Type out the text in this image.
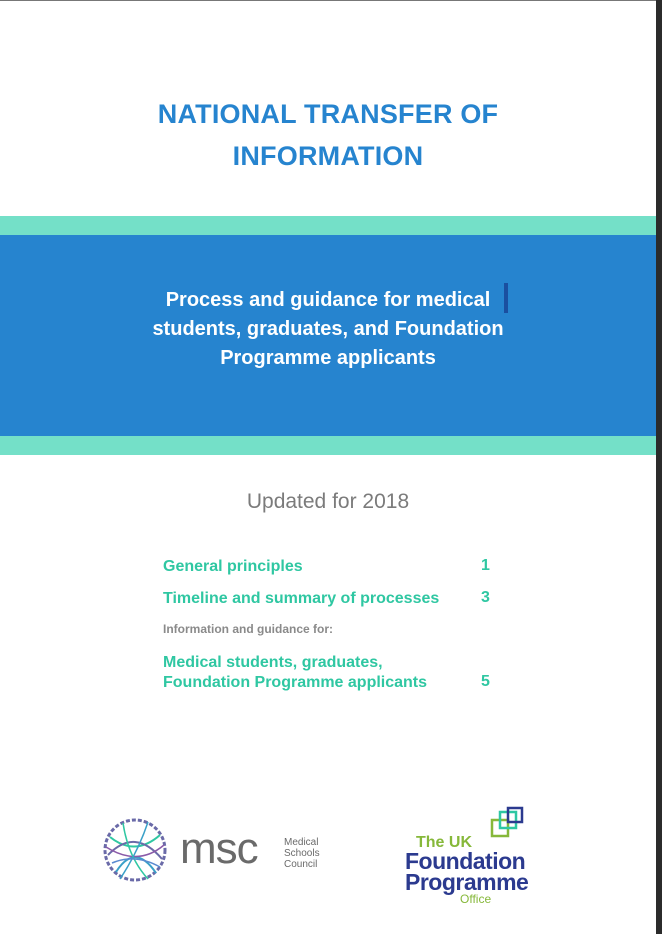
NATIONAL TRANSFER OF
INFORMATION
Process and guidance for medical
students, graduates, and Foundation
Programme applicants
Updated for 2018
General principles	1
Timeline and summary of processes	3
Information and guidance for:
Medical students, graduates,
Foundation Programme applicants	5
msc	Medical
Schools
Council
The UK
Foundation
Programme
Office
